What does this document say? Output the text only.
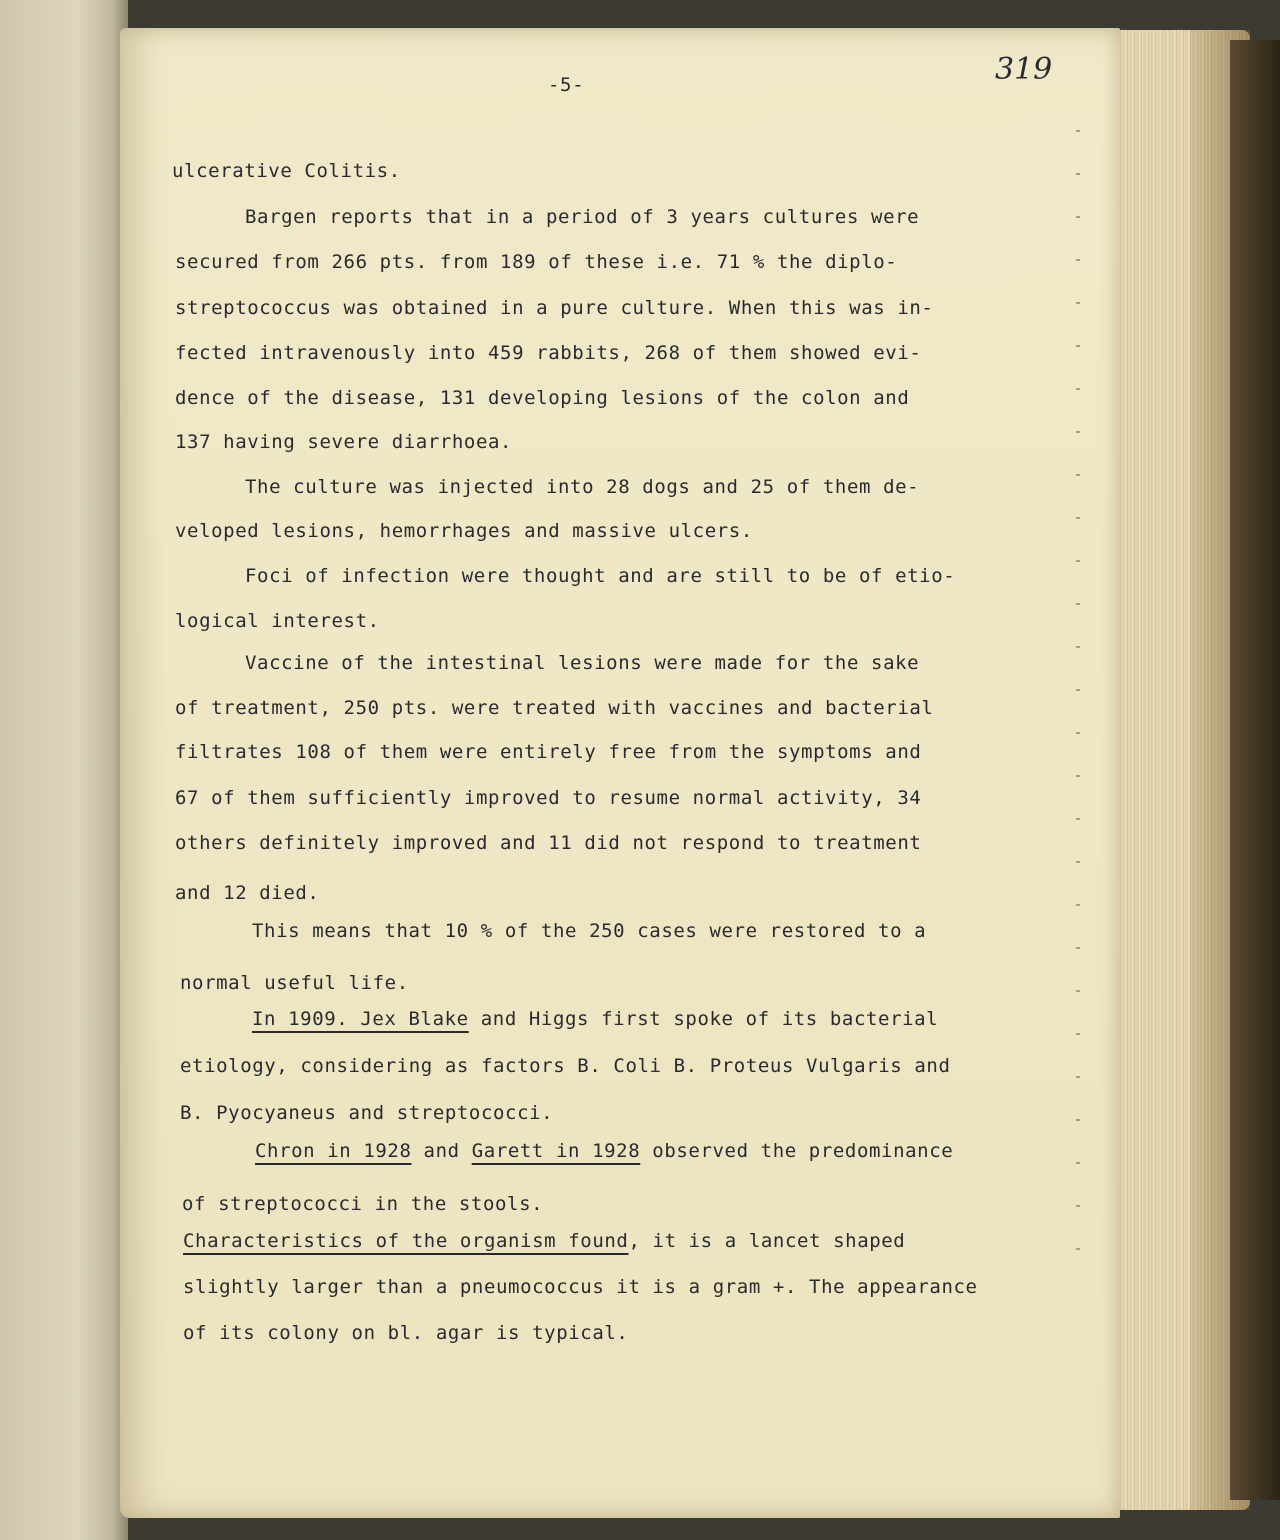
-5-	319
ulcerative Colitis.
Bargen reports that in a period of 3 years cultures were
secured from 266 pts. from 189 of these i.e. 71 % the diplo-
streptococcus was obtained in a pure culture. When this was in-
fected intravenously into 459 rabbits, 268 of them showed evi-
dence of the disease, 131 developing lesions of the colon and
137 having severe diarrhoea.
The culture was injected into 28 dogs and 25 of them de-
veloped lesions, hemorrhages and massive ulcers.
Foci of infection were thought and are still to be of etio-
logical interest.
Vaccine of the intestinal lesions were made for the sake
of treatment, 250 pts. were treated with vaccines and bacterial
filtrates 108 of them were entirely free from the symptoms and
67 of them sufficiently improved to resume normal activity, 34
others definitely improved and 11 did not respond to treatment
and 12 died.
This means that 10 % of the 250 cases were restored to a
normal useful life.
In 1909. Jex Blake and Higgs first spoke of its bacterial
etiology, considering as factors B. Coli B. Proteus Vulgaris and
B. Pyocyaneus and streptococci.
Chron in 1928 and Garett in 1928 observed the predominance
of streptococci in the stools.
Characteristics of the organism found, it is a lancet shaped
slightly larger than a pneumococcus it is a gram +. The appearance
of its colony on bl. agar is typical.
